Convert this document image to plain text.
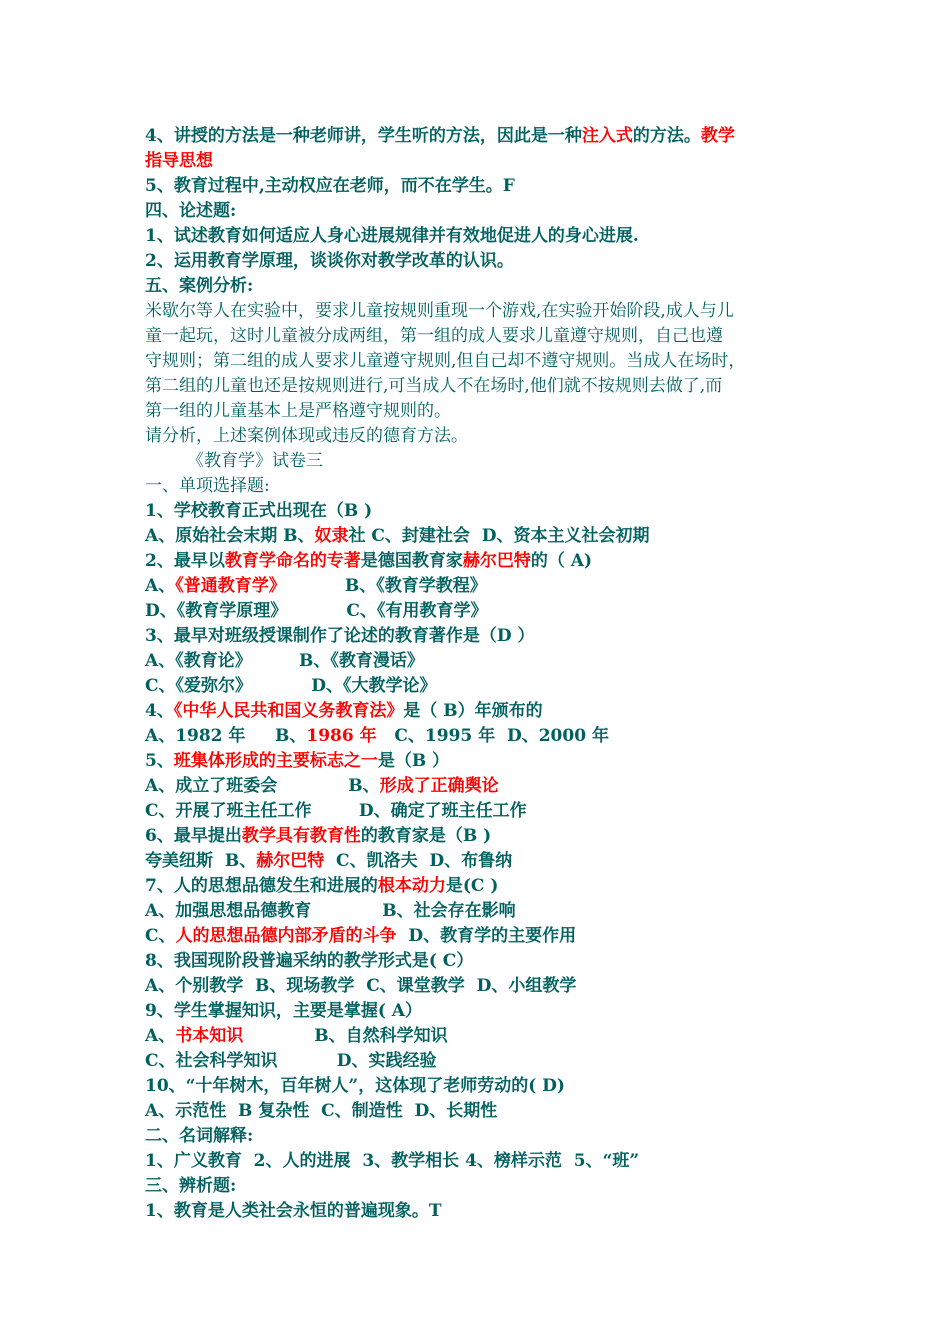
4、讲授的方法是一种老师讲，学生听的方法，因此是一种注入式的方法。教学
指导思想
5、教育过程中,主动权应在老师，而不在学生。F
四、论述题:
1、试述教育如何适应人身心进展规律并有效地促进人的身心进展.
2、运用教育学原理，谈谈你对教学改革的认识。
五、案例分析:
米歇尔等人在实验中，要求儿童按规则重现一个游戏,在实验开始阶段,成人与儿
童一起玩，这时儿童被分成两组，第一组的成人要求儿童遵守规则，自己也遵
守规则；第二组的成人要求儿童遵守规则,但自己却不遵守规则。当成人在场时，
第二组的儿童也还是按规则进行,可当成人不在场时,他们就不按规则去做了,而
第一组的儿童基本上是严格遵守规则的。
请分析，上述案例体现或违反的德育方法。
《教育学》试卷三
一、单项选择题:
1、学校教育正式出现在（B )
A、原始社会末期 B、奴隶社 C、封建社会  D、资本主义社会初期
2、最早以教育学命名的专著是德国教育家赫尔巴特的（ A)
A、《普通教育学》          B、《教育学教程》
D、《教育学原理》          C、《有用教育学》
3、最早对班级授课制作了论述的教育著作是（D ）
A、《教育论》        B、《教育漫话》
C、《爱弥尔》          D、《大教学论》
4、《中华人民共和国义务教育法》是（ B）年颁布的
A、1982 年     B、1986 年   C、1995 年  D、2000 年
5、班集体形成的主要标志之一是（B ）
A、成立了班委会            B、形成了正确舆论
C、开展了班主任工作        D、确定了班主任工作
6、最早提出教学具有教育性的教育家是（B )
夸美纽斯  B、赫尔巴特  C、凯洛夫  D、布鲁纳
7、人的思想品德发生和进展的根本动力是(C )
A、加强思想品德教育            B、社会存在影响
C、人的思想品德内部矛盾的斗争  D、教育学的主要作用
8、我国现阶段普遍采纳的教学形式是( C）
A、个别教学  B、现场教学  C、课堂教学  D、小组教学
9、学生掌握知识，主要是掌握( A）
A、书本知识            B、自然科学知识
C、社会科学知识          D、实践经验
10、“十年树木，百年树人”，这体现了老师劳动的( D)
A、示范性  B 复杂性  C、制造性  D、长期性
二、名词解释:
1、广义教育  2、人的进展  3、教学相长 4、榜样示范  5、“班”
三、辨析题:
1、教育是人类社会永恒的普遍现象。T
